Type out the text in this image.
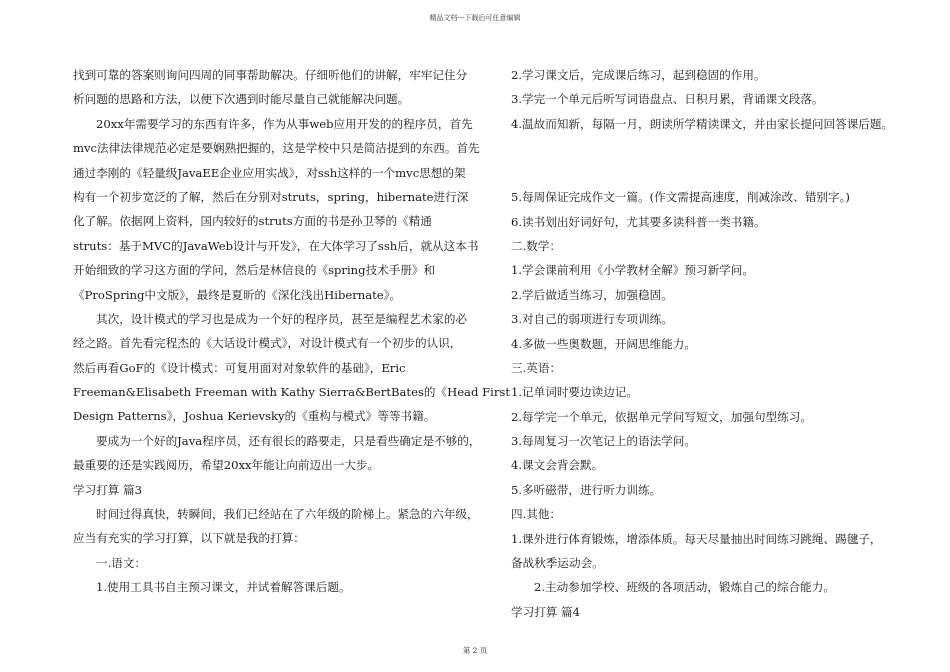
精品文档---下载后可任意编辑
找到可靠的答案则询问四周的同事帮助解决。仔细听他们的讲解，牢牢记住分
析问题的思路和方法，以便下次遇到时能尽量自己就能解决问题。
20xx年需要学习的东西有许多，作为从事web应用开发的的程序员，首先
mvc法律法律规范必定是要娴熟把握的，这是学校中只是简洁提到的东西。首先
通过李刚的《轻量级JavaEE企业应用实战》，对ssh这样的一个mvc思想的架
构有一个初步宽泛的了解，然后在分别对struts，spring，hibernate进行深
化了解。依据网上资料，国内较好的struts方面的书是孙卫琴的《精通
struts：基于MVC的JavaWeb设计与开发》，在大体学习了ssh后，就从这本书
开始细致的学习这方面的学问，然后是林信良的《spring技术手册》和
《ProSpring中文版》，最终是夏昕的《深化浅出Hibernate》。
其次，设计模式的学习也是成为一个好的程序员，甚至是编程艺术家的必
经之路。首先看完程杰的《大话设计模式》，对设计模式有一个初步的认识，
然后再看GoF的《设计模式：可复用面对对象软件的基础》，Eric
Freeman&Elisabeth Freeman with Kathy Sierra&BertBates的《Head First
Design Patterns》，Joshua Kerievsky的《重构与模式》等等书籍。
要成为一个好的Java程序员，还有很长的路要走，只是看些确定是不够的，
最重要的还是实践阅历，希望20xx年能让向前迈出一大步。
学习打算 篇3
时间过得真快，转瞬间，我们已经站在了六年级的阶梯上。紧急的六年级，
应当有充实的学习打算，以下就是我的打算：
一.语文：
1.使用工具书自主预习课文，并试着解答课后题。
2.学习课文后，完成课后练习，起到稳固的作用。
3.学完一个单元后听写词语盘点、日积月累，背诵课文段落。
4.温故而知新，每隔一月，朗读所学精读课文，并由家长提问回答课后题。
5.每周保证完成作文一篇。(作文需提高速度，削减涂改、错别字。)
6.读书划出好词好句，尤其要多读科普一类书籍。
二.数学：
1.学会课前利用《小学教材全解》预习新学问。
2.学后做适当练习，加强稳固。
3.对自己的弱项进行专项训练。
4.多做一些奥数题，开阔思维能力。
三.英语：
1.记单词时要边读边记。
2.每学完一个单元，依据单元学问写短文，加强句型练习。
3.每周复习一次笔记上的语法学问。
4.课文会背会默。
5.多听磁带，进行听力训练。
四.其他：
1.课外进行体育锻炼，增添体质。每天尽量抽出时间练习跳绳、踢毽子，
备战秋季运动会。
2.主动参加学校、班级的各项活动，锻炼自己的综合能力。
学习打算 篇4
第 2 页
